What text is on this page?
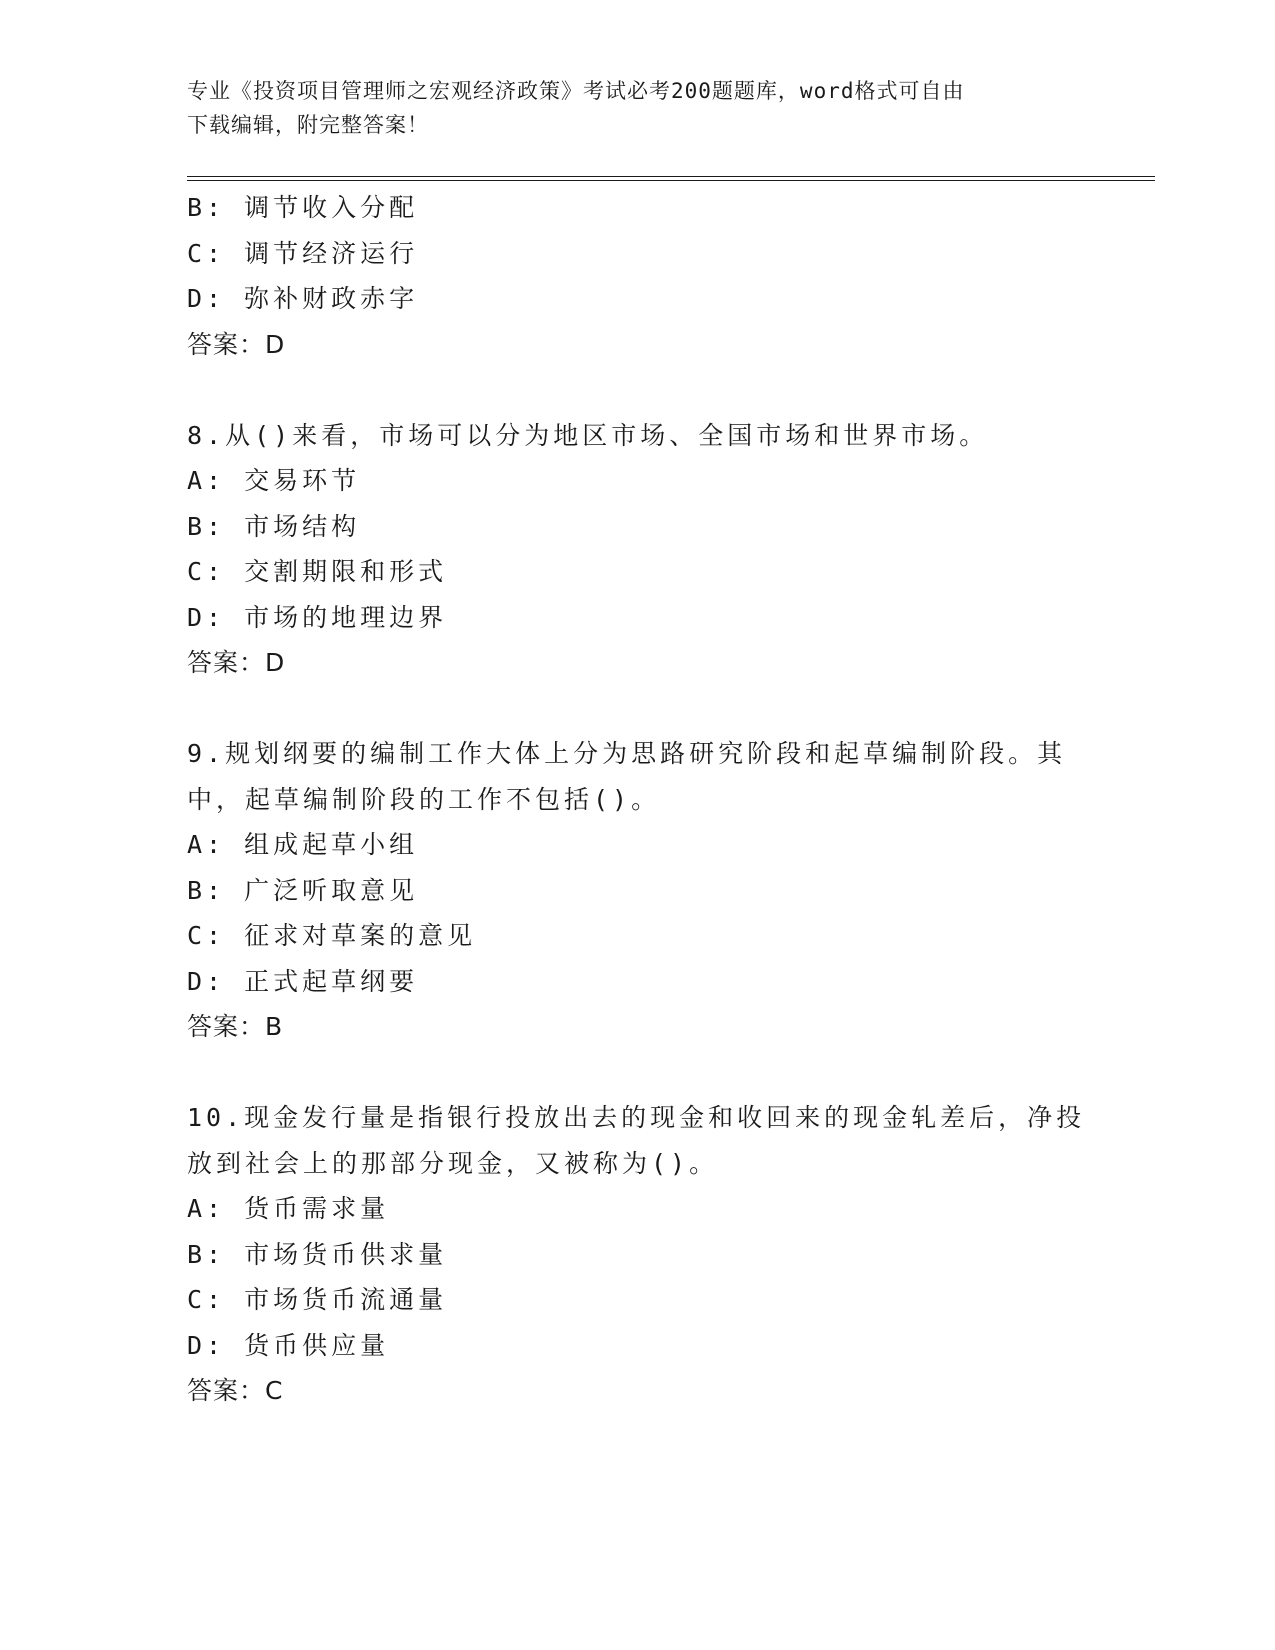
专业《投资项目管理师之宏观经济政策》考试必考200题题库，word格式可自由
下载编辑，附完整答案！
B: 调节收入分配
C: 调节经济运行
D: 弥补财政赤字
答案：D
8.从()来看，市场可以分为地区市场、全国市场和世界市场。
A: 交易环节
B: 市场结构
C: 交割期限和形式
D: 市场的地理边界
答案：D
9.规划纲要的编制工作大体上分为思路研究阶段和起草编制阶段。其
中，起草编制阶段的工作不包括()。
A: 组成起草小组
B: 广泛听取意见
C: 征求对草案的意见
D: 正式起草纲要
答案：B
10.现金发行量是指银行投放出去的现金和收回来的现金轧差后，净投
放到社会上的那部分现金，又被称为()。
A: 货币需求量
B: 市场货币供求量
C: 市场货币流通量
D: 货币供应量
答案：C
